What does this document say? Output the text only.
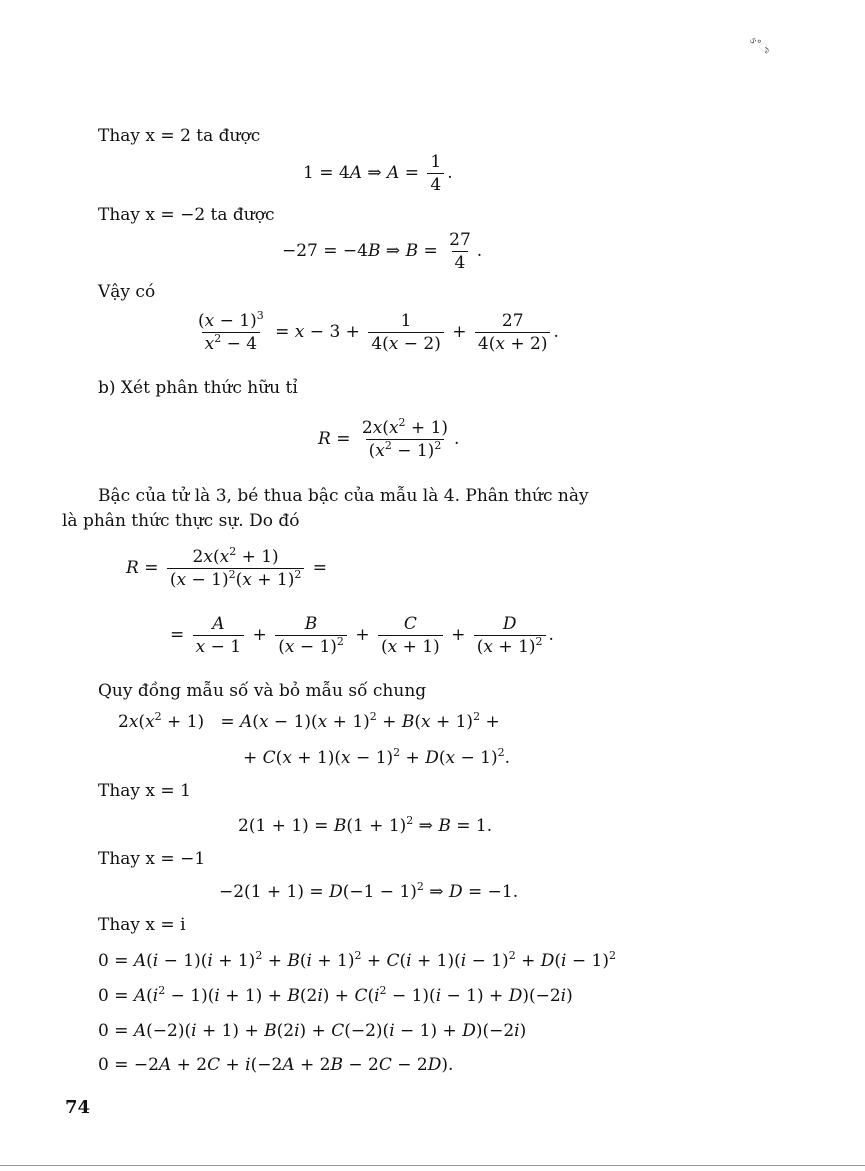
ઙ°ಾ
Thay x = 2 ta được
1 = 4A ⇒ $A = \frac{1}{4}$ .
Thay x = −2 ta được
−27 = −4B ⇒ $B = \frac{27}{4}$ .
Vậy có
$\frac{(x - 1)^3}{x^2 - 4} = x - 3 + \frac{1}{4(x - 2)} + \frac{27}{4(x + 2)}$ .
b) Xét phân thức hữu tỉ
$R = \frac{2x(x^2 + 1)}{(x^2 - 1)^2}$ .
Bậc của tử là 3, bé thua bậc của mẫu là 4. Phân thức này
là phân thức thực sự. Do đó
$R = \frac{2x(x^2 + 1)}{(x - 1)^2(x + 1)^2}$ =
= $\frac{A}{x - 1} + \frac{B}{(x - 1)^2} + \frac{C}{(x + 1)} + \frac{D}{(x + 1)^2}$ .
Quy đồng mẫu số và bỏ mẫu số chung
$2x(x^2 + 1) = A(x - 1)(x + 1)^2 + B(x + 1)^2$ +
+ $C(x + 1)(x - 1)^2 + D(x - 1)^2$.
Thay x = 1
$2(1 + 1) = B(1 + 1)^2$ ⇒ B = 1.
Thay x = −1
$-2(1 + 1) = D(-1 - 1)^2$ ⇒ D = −1.
Thay x = i
$0 = A(i - 1)(i + 1)^2 + B(i + 1)^2 + C(i + 1)(i - 1)^2 + D(i - 1)^2$
$0 = A(i^2 - 1)(i + 1) + B(2i) + C(i^2 - 1)(i - 1) + D)(-2i)$
0 = A(−2)(i + 1) + B(2i) + C(−2)(i − 1) + D)(−2i)
0 = −2A + 2C + i(−2A + 2B − 2C − 2D).
74
